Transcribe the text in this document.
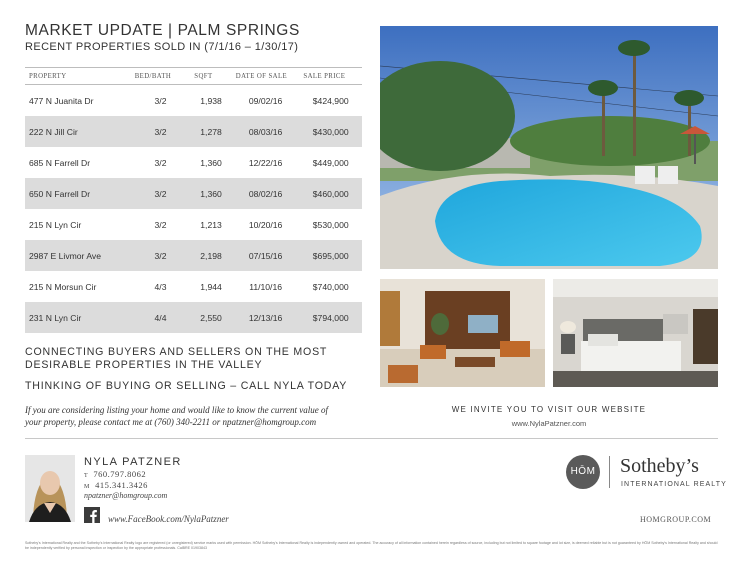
MARKET UPDATE | PALM SPRINGS
RECENT PROPERTIES SOLD IN (7/1/16 – 1/30/17)
PROPERTY	BED/BATH	SQFT	DATE OF SALE	SALE PRICE
477 N Juanita Dr	3/2	1,938	09/02/16	$424,900
222 N Jill Cir	3/2	1,278	08/03/16	$430,000
685 N Farrell Dr	3/2	1,360	12/22/16	$449,000
650 N Farrell Dr	3/2	1,360	08/02/16	$460,000
215 N Lyn Cir	3/2	1,213	10/20/16	$530,000
2987 E Livmor Ave	3/2	2,198	07/15/16	$695,000
215 N Morsun Cir	4/3	1,944	11/10/16	$740,000
231 N Lyn Cir	4/4	2,550	12/13/16	$794,000
CONNECTING BUYERS AND SELLERS ON THE MOST
DESIRABLE PROPERTIES IN THE VALLEY
THINKING OF BUYING OR SELLING – CALL NYLA TODAY
If you are considering listing your home and would like to know the current value of
your property, please contact me at (760) 340-2211 or npatzner@homgroup.com
WE INVITE YOU TO VISIT OUR WEBSITE
www.NylaPatzner.com
NYLA PATZNER
T 760.797.8062
M 415.341.3426
npatzner@homgroup.com
www.FaceBook.com/NylaPatzner
HŌM Sotheby’s
INTERNATIONAL REALTY
HOMGROUP.COM
Sotheby’s International Realty and the Sotheby’s International Realty logo are registered (or unregistered) service marks used with permission. HŌM Sotheby’s International Realty is independently owned and operated. The accuracy of all information contained herein regardless of source, including but not limited to square footage and lot size, is deemed reliable but is not guaranteed by HŌM Sotheby’s International Realty and should be independently verified by personal inspection or inspection by the appropriate professionals. CalBRE 01903843
